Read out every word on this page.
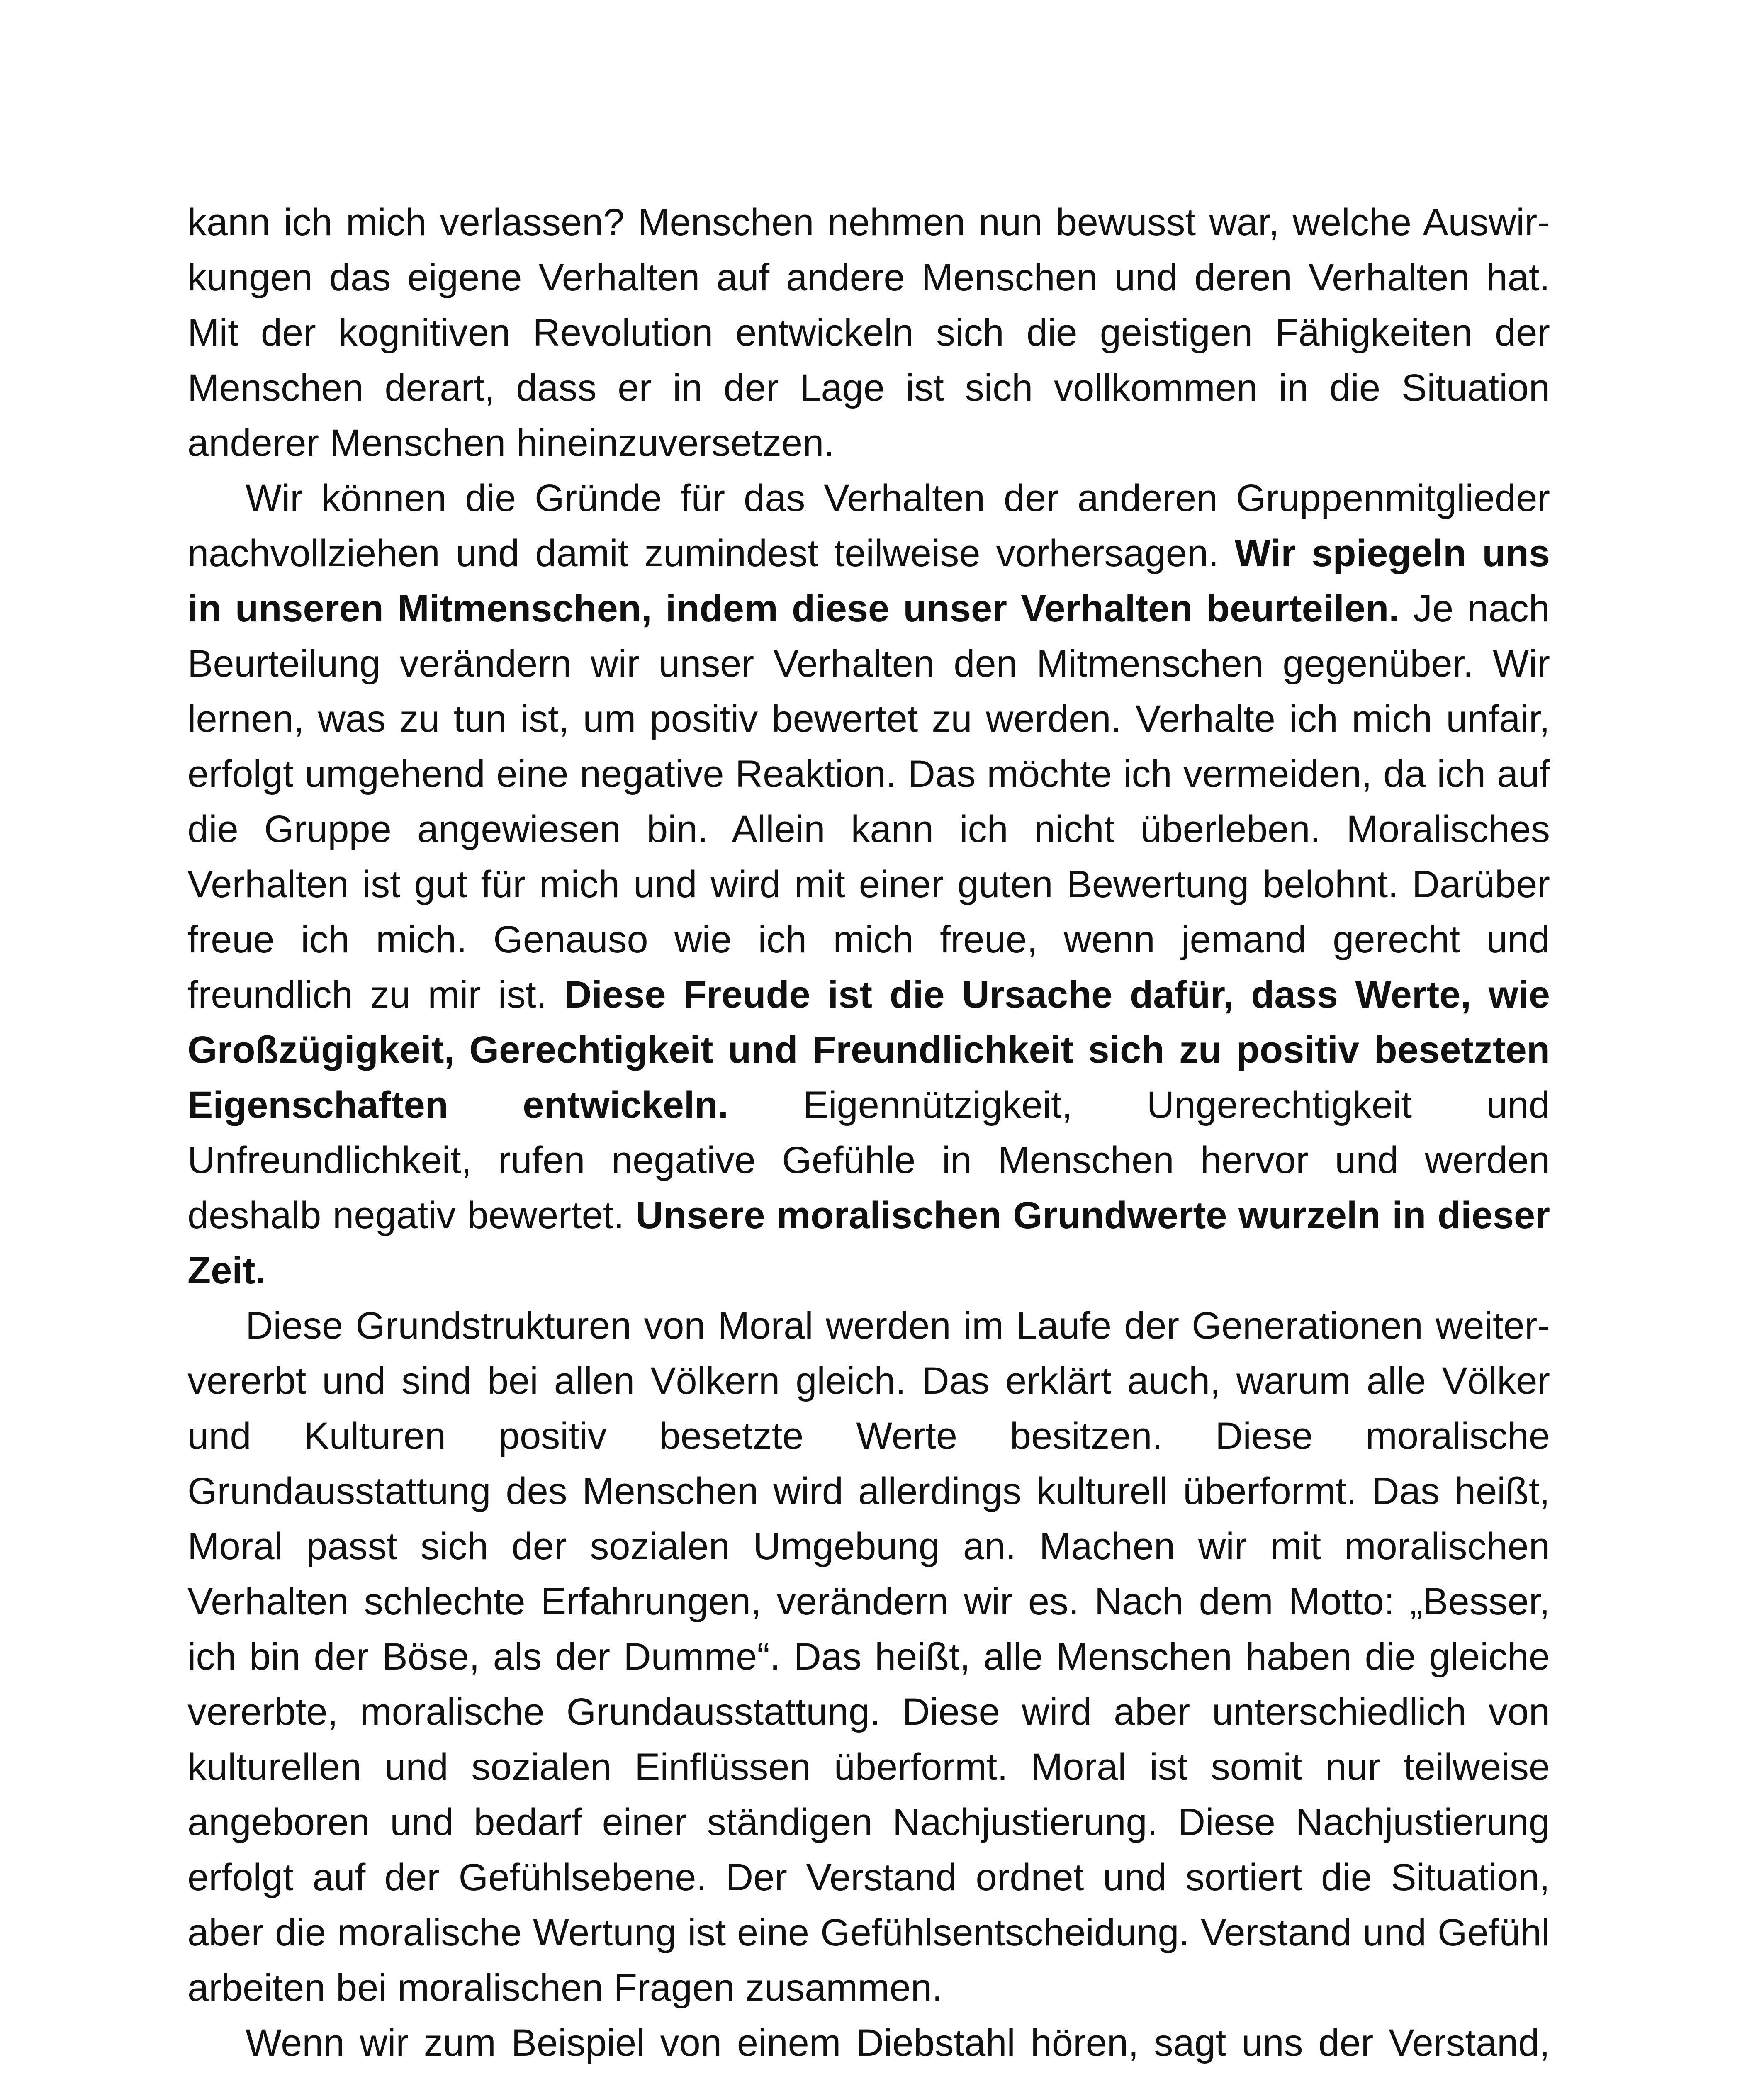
kann ich mich verlassen? Menschen nehmen nun bewusst war, welche Auswirkungen das eigene Verhalten auf andere Menschen und deren Verhalten hat. Mit der kognitiven Revolution entwickeln sich die geistigen Fähigkeiten der Menschen derart, dass er in der Lage ist sich vollkommen in die Situation anderer Menschen hineinzuversetzen.

Wir können die Gründe für das Verhalten der anderen Gruppenmitglieder nachvollziehen und damit zumindest teilweise vorhersagen. Wir spiegeln uns in unseren Mitmenschen, indem diese unser Verhalten beurteilen. Je nach Beurteilung verändern wir unser Verhalten den Mitmenschen gegenüber. Wir lernen, was zu tun ist, um positiv bewertet zu werden. Verhalte ich mich unfair, erfolgt umgehend eine negative Reaktion. Das möchte ich vermeiden, da ich auf die Gruppe angewiesen bin. Allein kann ich nicht überleben. Moralisches Verhalten ist gut für mich und wird mit einer guten Bewertung belohnt. Darüber freue ich mich. Genauso wie ich mich freue, wenn jemand gerecht und freundlich zu mir ist. Diese Freude ist die Ursache dafür, dass Werte, wie Großzügigkeit, Gerechtigkeit und Freundlichkeit sich zu positiv besetzten Eigenschaften entwickeln. Eigennützigkeit, Ungerechtigkeit und Unfreundlichkeit, rufen negative Gefühle in Menschen hervor und werden deshalb negativ bewertet. Unsere moralischen Grundwerte wurzeln in dieser Zeit.

Diese Grundstrukturen von Moral werden im Laufe der Generationen weitervererbt und sind bei allen Völkern gleich. Das erklärt auch, warum alle Völker und Kulturen positiv besetzte Werte besitzen. Diese moralische Grundausstattung des Menschen wird allerdings kulturell überformt. Das heißt, Moral passt sich der sozialen Umgebung an. Machen wir mit moralischen Verhalten schlechte Erfahrungen, verändern wir es. Nach dem Motto: „Besser, ich bin der Böse, als der Dumme“. Das heißt, alle Menschen haben die gleiche vererbte, moralische Grundausstattung. Diese wird aber unterschiedlich von kulturellen und sozialen Einflüssen überformt. Moral ist somit nur teilweise angeboren und bedarf einer ständigen Nachjustierung. Diese Nachjustierung erfolgt auf der Gefühlsebene. Der Verstand ordnet und sortiert die Situation, aber die moralische Wertung ist eine Gefühlsentscheidung. Verstand und Gefühl arbeiten bei moralischen Fragen zusammen.

Wenn wir zum Beispiel von einem Diebstahl hören, sagt uns der Verstand,
